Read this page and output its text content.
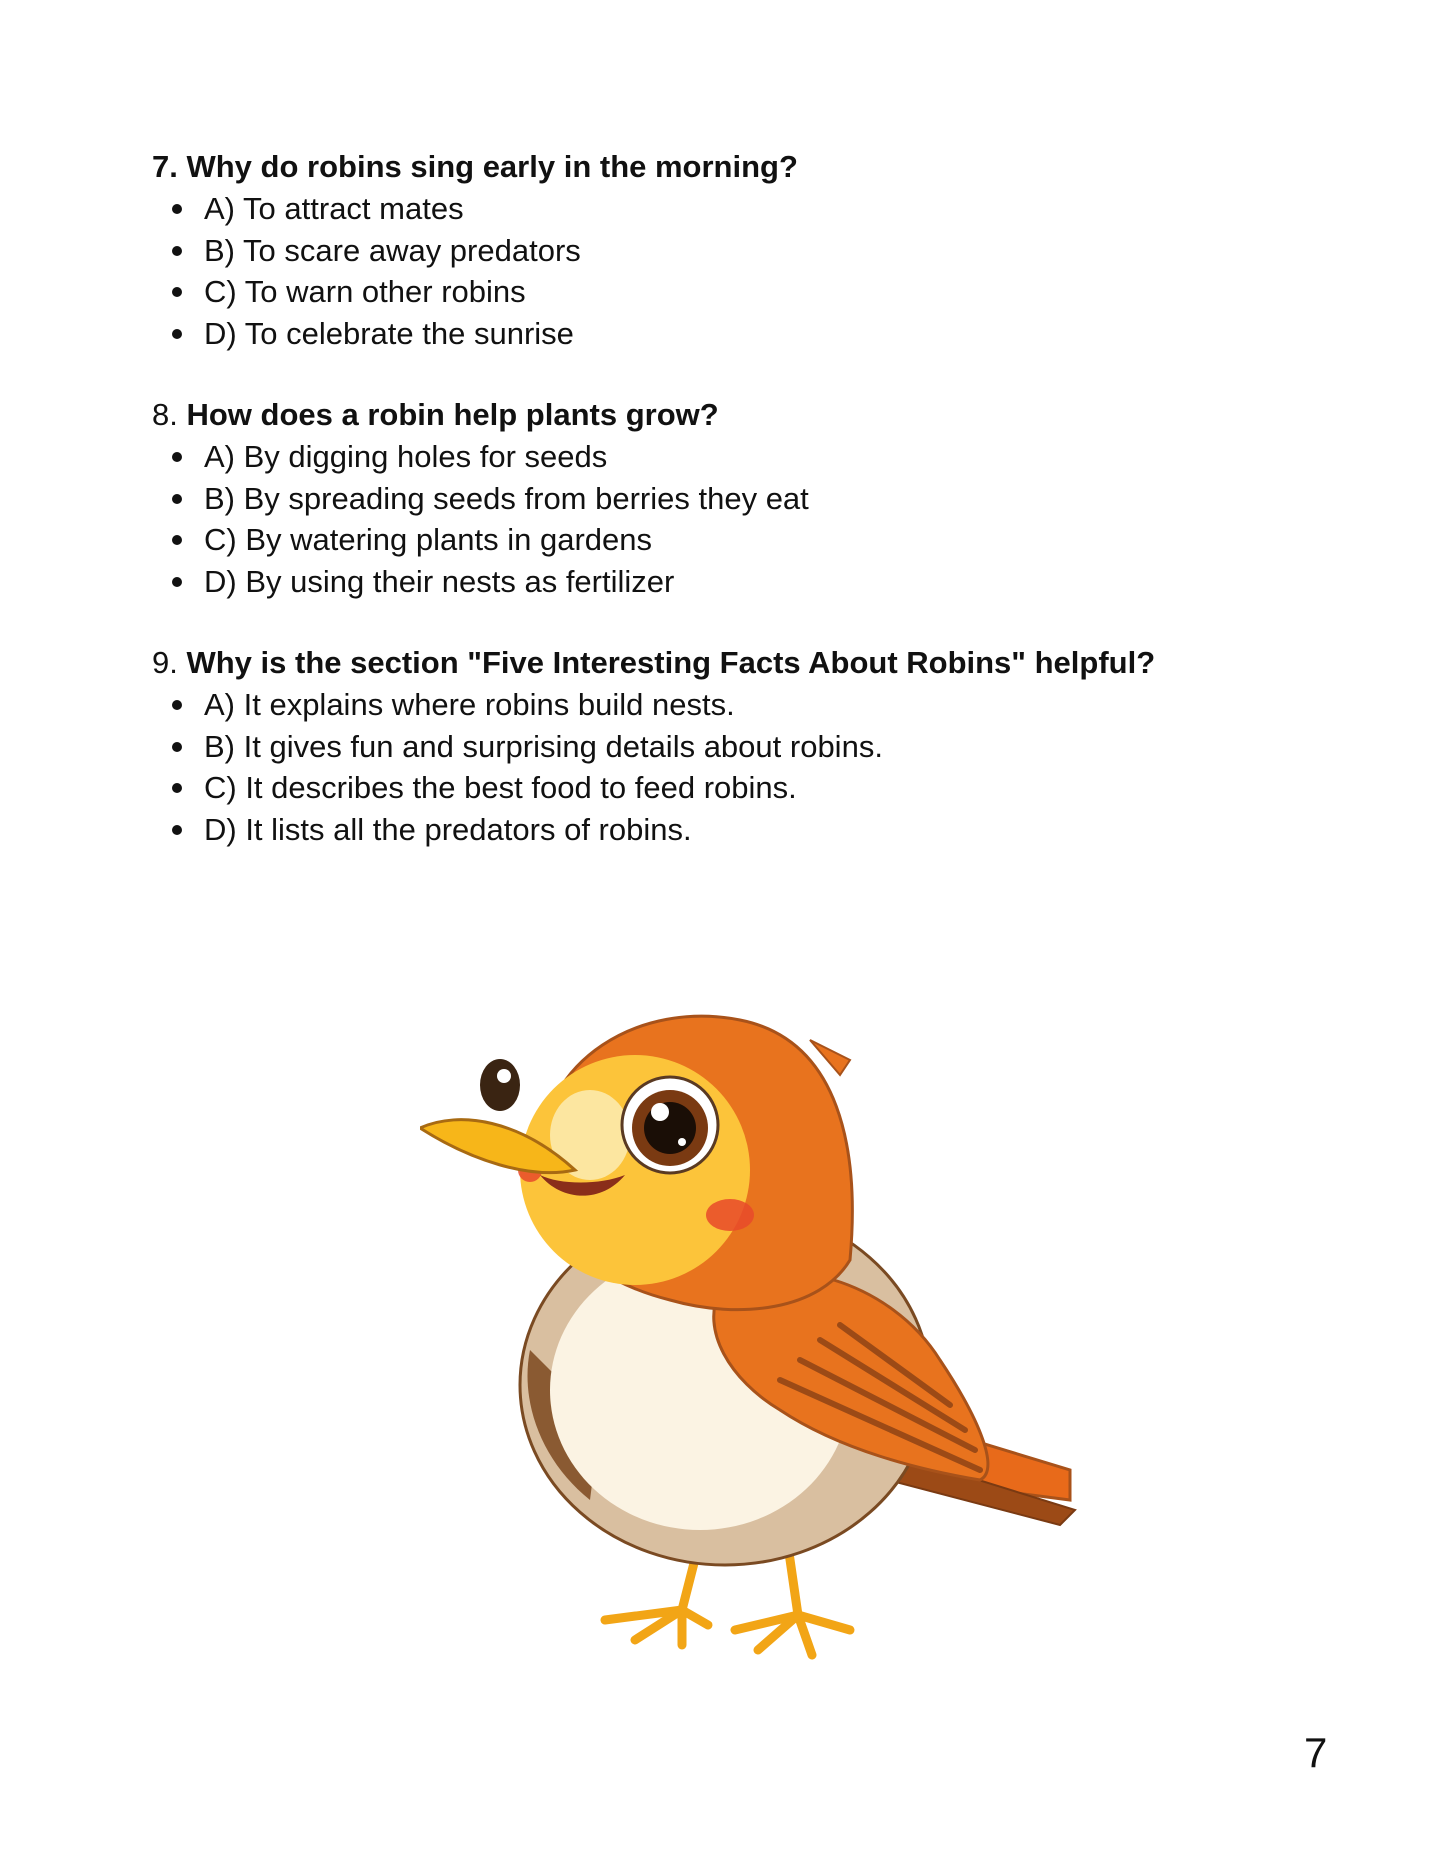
7. Why do robins sing early in the morning?

A) To attract mates
B) To scare away predators
C) To warn other robins
D) To celebrate the sunrise

8. How does a robin help plants grow?

A) By digging holes for seeds
B) By spreading seeds from berries they eat
C) By watering plants in gardens
D) By using their nests as fertilizer

9. Why is the section "Five Interesting Facts About Robins" helpful?

A) It explains where robins build nests.
B) It gives fun and surprising details about robins.
C) It describes the best food to feed robins.
D) It lists all the predators of robins.
7
